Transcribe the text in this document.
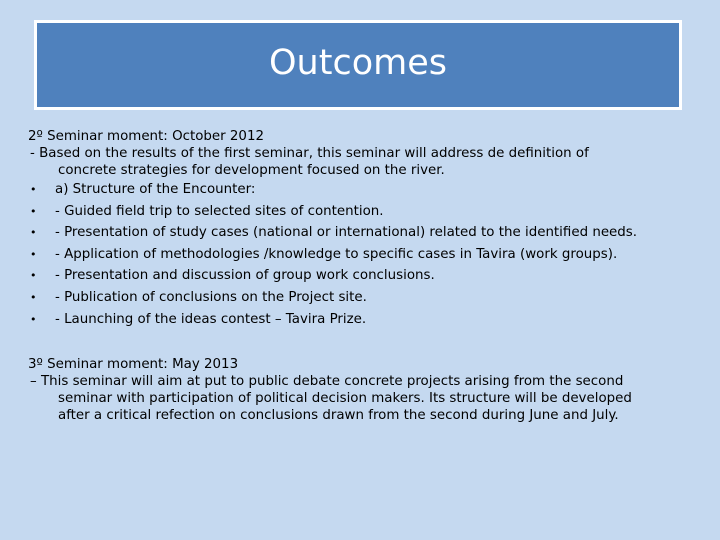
Outcomes
2º Seminar moment: October 2012
- Based on the results of the first seminar, this seminar will address de definition of
concrete strategies for development focused on the river.
• a) Structure of the Encounter:
• - Guided field trip to selected sites of contention.
• - Presentation of study cases (national or international) related to the identified needs.
• - Application of methodologies /knowledge to specific cases in Tavira (work groups).
• - Presentation and discussion of group work conclusions.
• - Publication of conclusions on the Project site.
• - Launching of the ideas contest – Tavira Prize.
3º Seminar moment: May 2013
– This seminar will aim at put to public debate concrete projects arising from the second
seminar with participation of political decision makers. Its structure will be developed
after a critical refection on conclusions drawn from the second during June and July.
